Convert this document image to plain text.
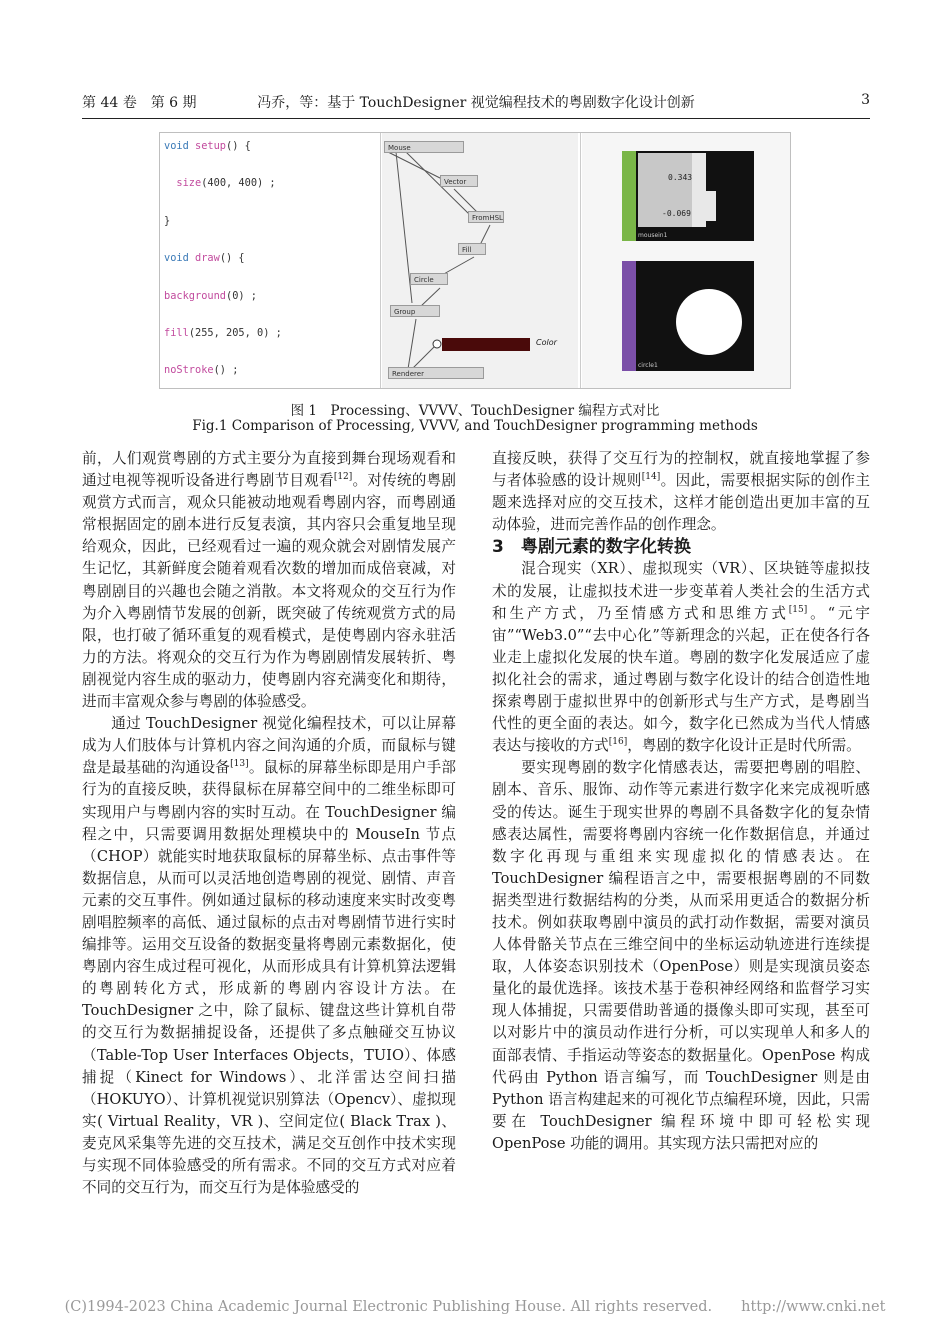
第 44 卷　第 6 期	冯乔，等：基于 TouchDesigner 视觉编程技术的粤剧数字化设计创新	3
void setup() {

size(400, 400) ;

}

void draw() {

background(0) ;

fill(255, 205, 0) ;

noStroke() ;

Mouse
Vector
FromHSL
Fill
Circle
Group
Renderer
Color
0.343
-0.069
mousein1
circle1
图 1　Processing、VVVV、TouchDesigner 编程方式对比
Fig.1 Comparison of Processing, VVVV, and TouchDesigner programming methods

前，人们观赏粤剧的方式主要分为直接到舞台现场观看和通过电视等视听设备进行粤剧节目观看[12]。对传统的粤剧观赏方式而言，观众只能被动地观看粤剧内容，而粤剧通常根据固定的剧本进行反复表演，其内容只会重复地呈现给观众，因此，已经观看过一遍的观众就会对剧情发展产生记忆，其新鲜度会随着观看次数的增加而成倍衰减，对粤剧剧目的兴趣也会随之消散。本文将观众的交互行为作为介入粤剧情节发展的创新，既突破了传统观赏方式的局限，也打破了循环重复的观看模式，是使粤剧内容永驻活力的方法。将观众的交互行为作为粤剧剧情发展转折、粤剧视觉内容生成的驱动力，使粤剧内容充满变化和期待，进而丰富观众参与粤剧的体验感受。

通过 TouchDesigner 视觉化编程技术，可以让屏幕成为人们肢体与计算机内容之间沟通的介质，而鼠标与键盘是最基础的沟通设备[13]。鼠标的屏幕坐标即是用户手部行为的直接反映，获得鼠标在屏幕空间中的二维坐标即可实现用户与粤剧内容的实时互动。在 TouchDesigner 编程之中，只需要调用数据处理模块中的 MouseIn 节点（CHOP）就能实时地获取鼠标的屏幕坐标、点击事件等数据信息，从而可以灵活地创造粤剧的视觉、剧情、声音元素的交互事件。例如通过鼠标的移动速度来实时改变粤剧唱腔频率的高低、通过鼠标的点击对粤剧情节进行实时编排等。运用交互设备的数据变量将粤剧元素数据化，使粤剧内容生成过程可视化，从而形成具有计算机算法逻辑的粤剧转化方式，形成新的粤剧内容设计方法。在 TouchDesigner 之中，除了鼠标、键盘这些计算机自带的交互行为数据捕捉设备，还提供了多点触碰交互协议（Table-Top User Interfaces Objects，TUIO）、体感捕捉（Kinect for Windows）、北洋雷达空间扫描（HOKUYO）、计算机视觉识别算法（Opencv）、虚拟现实( Virtual Reality，VR )、空间定位( Black Trax )、麦克风采集等先进的交互技术，满足交互创作中技术实现与实现不同体验感受的所有需求。不同的交互方式对应着不同的交互行为，而交互行为是体验感受的

直接反映，获得了交互行为的控制权，就直接地掌握了参与者体验感的设计规则[14]。因此，需要根据实际的创作主题来选择对应的交互技术，这样才能创造出更加丰富的互动体验，进而完善作品的创作理念。

3　粤剧元素的数字化转换

混合现实（XR）、虚拟现实（VR）、区块链等虚拟技术的发展，让虚拟技术进一步变革着人类社会的生活方式和生产方式，乃至情感方式和思维方式[15]。“元宇宙”“Web3.0”“去中心化”等新理念的兴起，正在使各行各业走上虚拟化发展的快车道。粤剧的数字化发展适应了虚拟化社会的需求，通过粤剧与数字化设计的结合创造性地探索粤剧于虚拟世界中的创新形式与生产方式，是粤剧当代性的更全面的表达。如今，数字化已然成为当代人情感表达与接收的方式[16]，粤剧的数字化设计正是时代所需。

要实现粤剧的数字化情感表达，需要把粤剧的唱腔、剧本、音乐、服饰、动作等元素进行数字化来完成视听感受的传达。诞生于现实世界的粤剧不具备数字化的复杂情感表达属性，需要将粤剧内容统一化作数据信息，并通过数字化再现与重组来实现虚拟化的情感表达。在 TouchDesigner 编程语言之中，需要根据粤剧的不同数据类型进行数据结构的分类，从而采用更适合的数据分析技术。例如获取粤剧中演员的武打动作数据，需要对演员人体骨骼关节点在三维空间中的坐标运动轨迹进行连续提取，人体姿态识别技术（OpenPose）则是实现演员姿态量化的最优选择。该技术基于卷积神经网络和监督学习实现人体捕捉，只需要借助普通的摄像头即可实现，甚至可以对影片中的演员动作进行分析，可以实现单人和多人的面部表情、手指运动等姿态的数据量化。OpenPose 构成代码由 Python 语言编写，而 TouchDesigner 则是由 Python 语言构建起来的可视化节点编程环境，因此，只需要在 TouchDesigner 编程环境中即可轻松实现 OpenPose 功能的调用。其实现方法只需把对应的

(C)1994-2023 China Academic Journal Electronic Publishing House. All rights reserved.　　http://www.cnki.net
